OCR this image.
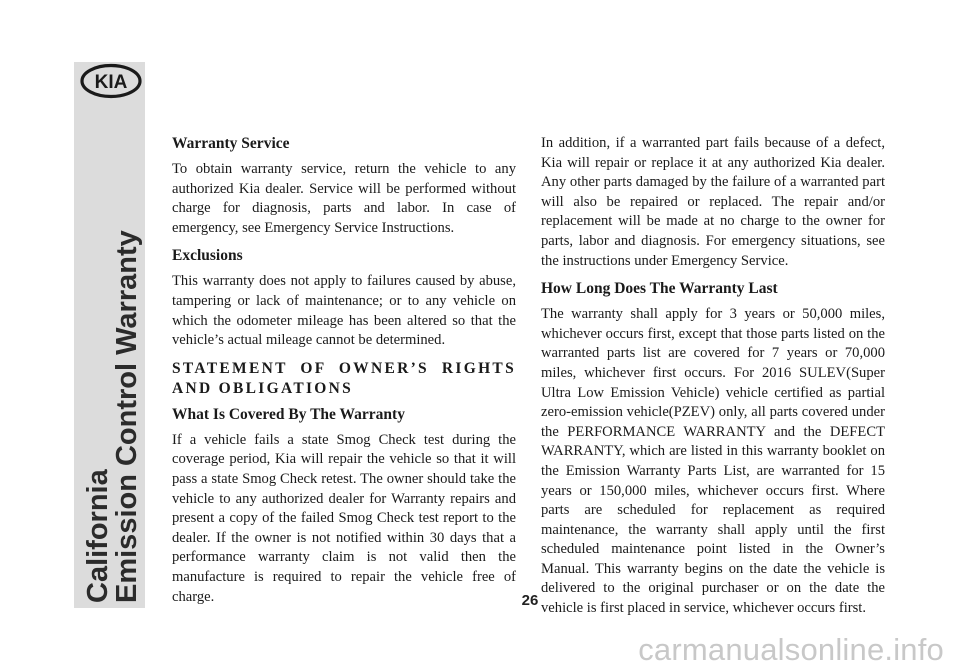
KIA
California
Emission Control Warranty
Warranty Service

To obtain warranty service, return the vehicle to any authorized Kia dealer. Service will be performed without charge for diagnosis, parts and labor. In case of emergency, see Emergency Service Instructions.

Exclusions

This warranty does not apply to failures caused by abuse, tampering or lack of maintenance; or to any vehicle on which the odometer mileage has been altered so that the vehicle’s actual mileage cannot be determined.

STATEMENT OF OWNER’S RIGHTS AND OBLIGATIONS
What Is Covered By The Warranty

If a vehicle fails a state Smog Check test during the coverage period, Kia will repair the vehicle so that it will pass a state Smog Check retest. The owner should take the vehicle to any authorized dealer for Warranty repairs and present a copy of the failed Smog Check test report to the dealer. If the owner is not notified within 30 days that a performance warranty claim is not valid then the manufacture is required to repair the vehicle free of charge.

In addition, if a warranted part fails because of a defect, Kia will repair or replace it at any authorized Kia dealer. Any other parts damaged by the failure of a warranted part will also be repaired or replaced. The repair and/or replacement will be made at no charge to the owner for parts, labor and diagnosis. For emergency situations, see the instructions under Emergency Service.

How Long Does The Warranty Last

The warranty shall apply for 3 years or 50,000 miles, whichever occurs first, except that those parts listed on the warranted parts list are covered for 7 years or 70,000 miles, whichever first occurs. For 2016 SULEV(Super Ultra Low Emission Vehicle) vehicle certified as partial zero-emission vehicle(PZEV) only, all parts covered under the PERFORMANCE WARRANTY and the DEFECT WARRANTY, which are listed in this warranty booklet on the Emission Warranty Parts List, are warranted for 15 years or 150,000 miles, whichever occurs first. Where parts are scheduled for replacement as required maintenance, the warranty shall apply until the first scheduled maintenance point listed in the Owner’s Manual. This warranty begins on the date the vehicle is delivered to the original purchaser or on the date the vehicle is first placed in service, whichever occurs first.

26
carmanualsonline.info
